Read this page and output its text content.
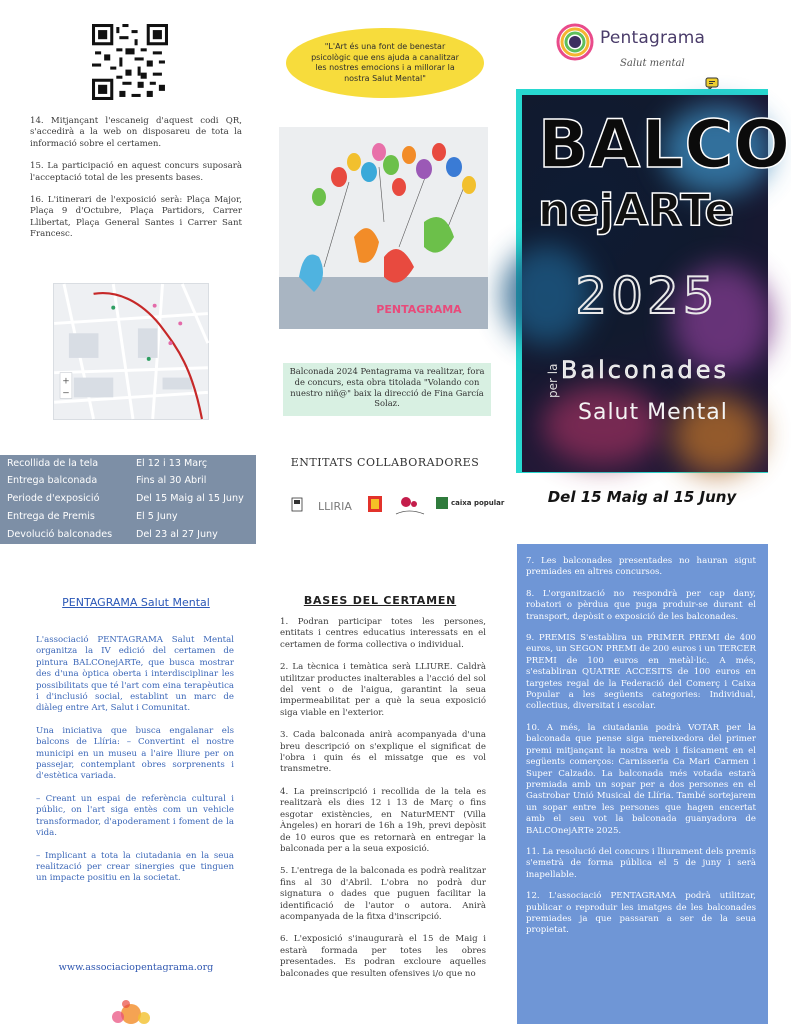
"L'Art és una font de benestar psicològic que ens ajuda a canalitzar les nostres emocions i a millorar la nostra Salut Mental"
Pentagrama
Salut mental
BALCO
nejARTe
2025
Balconades
per la
Salut Mental
Del 15 Maig al 15 Juny

14. Mitjançant l'escaneig d'aquest codi QR, s'accedirà a la web on disposareu de tota la informació sobre el certamen.

15. La participació en aquest concurs suposarà l'acceptació total de les presents bases.

16. L'itinerari de l'exposició serà: Plaça Major, Plaça 9 d'Octubre, Plaça Partidors, Carrer Llibertat, Plaça General Santes i Carrer Sant Francesc.

+
−
Recollida de la tela	El 12 i 13 Març
Entrega balconada	Fins al 30 Abril
Periode d'exposició	Del 15 Maig al 15 Juny
Entrega de Premis	El 5 Juny
Devolució balconades Del 23 al 27 Juny
PENTAGRAMA
Balconada 2024 Pentagrama va realitzar, fora de concurs, esta obra titolada "Volando con nuestro niñ@" baix la direcció de Fina García Solaz.
ENTITATS COLLABORADORES
LLIRIA	caixa popular
PENTAGRAMA Salut Mental

L'associació PENTAGRAMA Salut Mental organitza la IV edició del certamen de pintura BALCOnejARTe, que busca mostrar des d'una òptica oberta i interdisciplinar les possibilitats que té l'art com eina terapèutica i d'inclusió social, establint un marc de diàleg entre Art, Salut i Comunitat.

Una iniciativa que busca engalanar els balcons de Llíria: – Convertint el nostre municipi en un museu a l'aire lliure per on passejar, contemplant obres sorprenents i d'estètica variada.

– Creant un espai de referència cultural i públic, on l'art siga entès com un vehicle transformador, d'apoderament i foment de la vida.

– Implicant a tota la ciutadania en la seua realització per crear sinergies que tinguen un impacte positiu en la societat.

www.associaciopentagrama.org
BASES DEL CERTAMEN

1. Podran participar totes les persones, entitats i centres educatius interessats en el certamen de forma collectiva o individual.

2. La tècnica i temàtica serà LLIURE. Caldrà utilitzar productes inalterables a l'acció del sol del vent o de l'aigua, garantint la seua impermeabilitat per a què la seua exposició siga viable en l'exterior.

3. Cada balconada anirà acompanyada d'una breu descripció on s'explique el significat de l'obra i quin és el missatge que es vol transmetre.

4. La preinscripció i recollida de la tela es realitzarà els dies 12 i 13 de Març o fins esgotar existències, en NaturMENT (Villa Àngeles) en horari de 16h a 19h, previ depòsit de 10 euros que es retornarà en entregar la balconada per a la seua exposició.

5. L'entrega de la balconada es podrà realitzar fins al 30 d'Abril. L'obra no podrà dur signatura o dades que puguen facilitar la identificació de l'autor o autora. Anirà acompanyada de la fitxa d'inscripció.

6. L'exposició s'inaugurarà el 15 de Maig i estarà formada per totes les obres presentades. Es podran excloure aquelles balconades que resulten ofensives i/o que no

7. Les balconades presentades no hauran sigut premiades en altres concursos.

8. L'organització no respondrà per cap dany, robatori o pèrdua que puga produir-se durant el transport, depòsit o exposició de les balconades.

9. PREMIS S'establira un PRIMER PREMI de 400 euros, un SEGON PREMI de 200 euros i un TERCER PREMI de 100 euros en metàl·lic. A més, s'establiran QUATRE ACCESITS de 100 euros en targetes regal de la Federació del Comerç i Caixa Popular a les següents categories: Individual, collectius, diversitat i escolar.

10. A més, la ciutadania podrà VOTAR per la balconada que pense siga mereixedora del primer premi mitjançant la nostra web i físicament en el següents comerços: Carnisseria Ca Mari Carmen i Super Calzado. La balconada més votada estarà premiada amb un sopar per a dos persones en el Gastrobar Unió Musical de Llíria. També sortejarem un sopar entre les persones que hagen encertat amb el seu vot la balconada guanyadora de BALCOnejARTe 2025.

11. La resolució del concurs i lliurament dels premis s'emetrà de forma pública el 5 de juny i serà inapellable.

12. L'associació PENTAGRAMA podrà utilitzar, publicar o reproduir les imatges de les balconades premiades ja que passaran a ser de la seua propietat.
